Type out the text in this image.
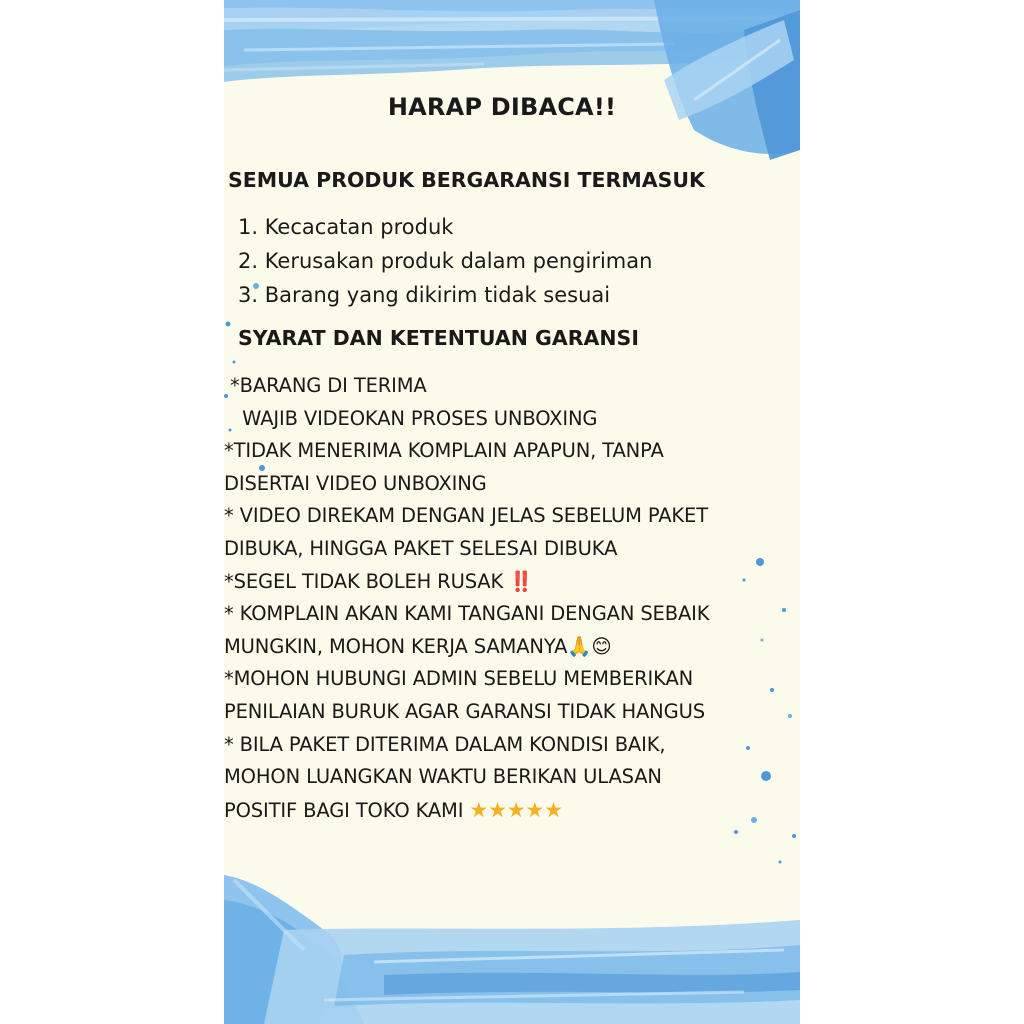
HARAP DIBACA!!
SEMUA PRODUK BERGARANSI TERMASUK
1. Kecacatan produk
2. Kerusakan produk dalam pengiriman
3. Barang yang dikirim tidak sesuai
SYARAT DAN KETENTUAN GARANSI
*BARANG DI TERIMA
WAJIB VIDEOKAN PROSES UNBOXING
*TIDAK MENERIMA KOMPLAIN APAPUN, TANPA
DISERTAI VIDEO UNBOXING
* VIDEO DIREKAM DENGAN JELAS SEBELUM PAKET
DIBUKA, HINGGA PAKET SELESAI DIBUKA
*SEGEL TIDAK BOLEH RUSAK ‼️
* KOMPLAIN AKAN KAMI TANGANI DENGAN SEBAIK
MUNGKIN, MOHON KERJA SAMANYA🙏😊
*MOHON HUBUNGI ADMIN SEBELU MEMBERIKAN
PENILAIAN BURUK AGAR GARANSI TIDAK HANGUS
* BILA PAKET DITERIMA DALAM KONDISI BAIK,
MOHON LUANGKAN WAKTU BERIKAN ULASAN
POSITIF BAGI TOKO KAMI ★★★★★
